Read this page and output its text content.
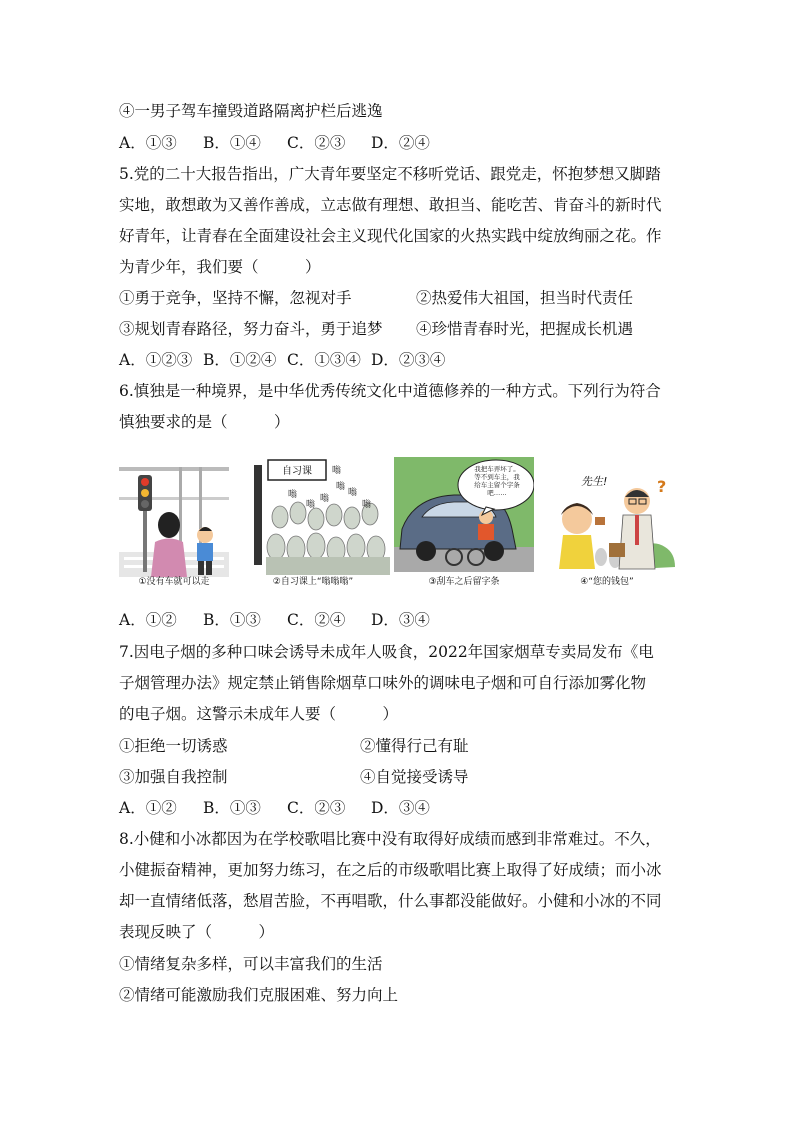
④一男子驾车撞毁道路隔离护栏后逃逸
A．①③ B．①④ C．②③ D．②④
5.党的二十大报告指出，广大青年要坚定不移听党话、跟党走，怀抱梦想又脚踏
实地，敢想敢为又善作善成，立志做有理想、敢担当、能吃苦、肯奋斗的新时代
好青年，让青春在全面建设社会主义现代化国家的火热实践中绽放绚丽之花。作
为青少年，我们要（　　　）
①勇于竞争，坚持不懈，忽视对手	②热爱伟大祖国，担当时代责任
③规划青春路径，努力奋斗，勇于追梦 ④珍惜青春时光，把握成长机遇
A．①②③ B．①②④ C．①③④ D．②③④
6.慎独是一种境界，是中华优秀传统文化中道德修养的一种方式。下列行为符合
慎独要求的是（　　　）
①没有车就可以走
自习课	嗡
嗡
嗡	嗡
嗡
嗡
嗡
②自习课上“嗡嗡嗡”
我把车弄坏了。
等不到车主，我
给车主留个字条
吧……
③刮车之后留字条
先生!	?
④“您的钱包”
A．①② B．①③ C．②④ D．③④
7.因电子烟的多种口味会诱导未成年人吸食，2022年国家烟草专卖局发布《电
子烟管理办法》规定禁止销售除烟草口味外的调味电子烟和可自行添加雾化物
的电子烟。这警示未成年人要（　　　）
①拒绝一切诱惑	②懂得行己有耻
③加强自我控制	④自觉接受诱导
A．①② B．①③ C．②③ D．③④
8.小健和小冰都因为在学校歌唱比赛中没有取得好成绩而感到非常难过。不久，
小健振奋精神，更加努力练习，在之后的市级歌唱比赛上取得了好成绩；而小冰
却一直情绪低落，愁眉苦脸，不再唱歌，什么事都没能做好。小健和小冰的不同
表现反映了（　　　）
①情绪复杂多样，可以丰富我们的生活
②情绪可能激励我们克服困难、努力向上
